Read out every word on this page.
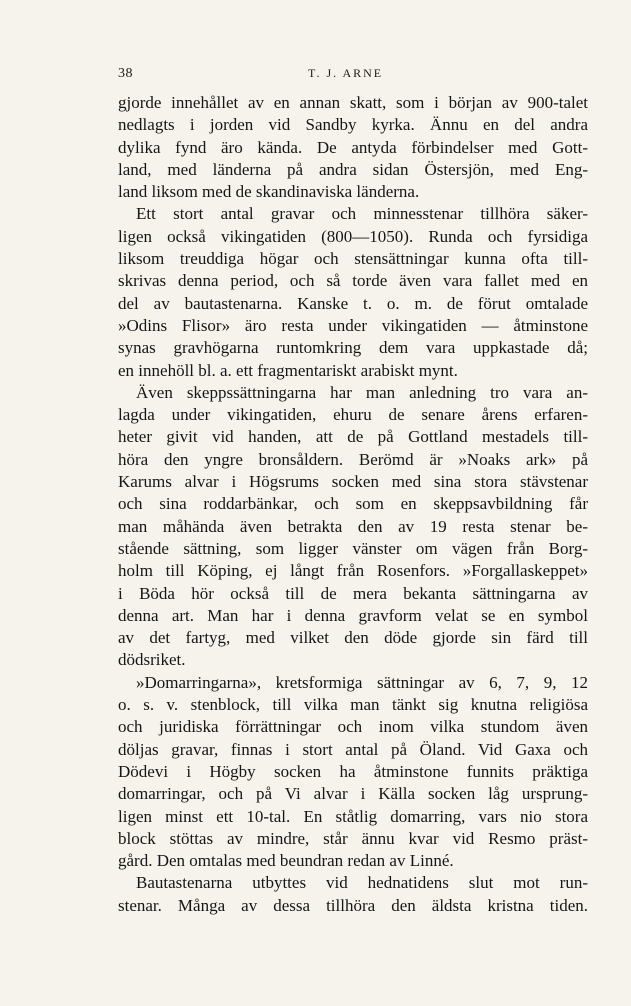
38	T. J. ARNE
gjorde innehållet av en annan skatt, som i början av 900-talet
nedlagts i jorden vid Sandby kyrka. Ännu en del andra
dylika fynd äro kända. De antyda förbindelser med Gott-
land, med länderna på andra sidan Östersjön, med Eng-
land liksom med de skandinaviska länderna.
Ett stort antal gravar och minnesstenar tillhöra säker-
ligen också vikingatiden (800—1050). Runda och fyrsidiga
liksom treuddiga högar och stensättningar kunna ofta till-
skrivas denna period, och så torde även vara fallet med en
del av bautastenarna. Kanske t. o. m. de förut omtalade
»Odins Flisor» äro resta under vikingatiden — åtminstone
synas gravhögarna runtomkring dem vara uppkastade då;
en innehöll bl. a. ett fragmentariskt arabiskt mynt.
Även skeppssättningarna har man anledning tro vara an-
lagda under vikingatiden, ehuru de senare årens erfaren-
heter givit vid handen, att de på Gottland mestadels till-
höra den yngre bronsåldern. Berömd är »Noaks ark» på
Karums alvar i Högsrums socken med sina stora stävstenar
och sina roddarbänkar, och som en skeppsavbildning får
man måhända även betrakta den av 19 resta stenar be-
stående sättning, som ligger vänster om vägen från Borg-
holm till Köping, ej långt från Rosenfors. »Forgallaskeppet»
i Böda hör också till de mera bekanta sättningarna av
denna art. Man har i denna gravform velat se en symbol
av det fartyg, med vilket den döde gjorde sin färd till
dödsriket.
»Domarringarna», kretsformiga sättningar av 6, 7, 9, 12
o. s. v. stenblock, till vilka man tänkt sig knutna religiösa
och juridiska förrättningar och inom vilka stundom även
döljas gravar, finnas i stort antal på Öland. Vid Gaxa och
Dödevi i Högby socken ha åtminstone funnits präktiga
domarringar, och på Vi alvar i Källa socken låg ursprung-
ligen minst ett 10-tal. En ståtlig domarring, vars nio stora
block stöttas av mindre, står ännu kvar vid Resmo präst-
gård. Den omtalas med beundran redan av Linné.
Bautastenarna utbyttes vid hednatidens slut mot run-
stenar. Många av dessa tillhöra den äldsta kristna tiden.
